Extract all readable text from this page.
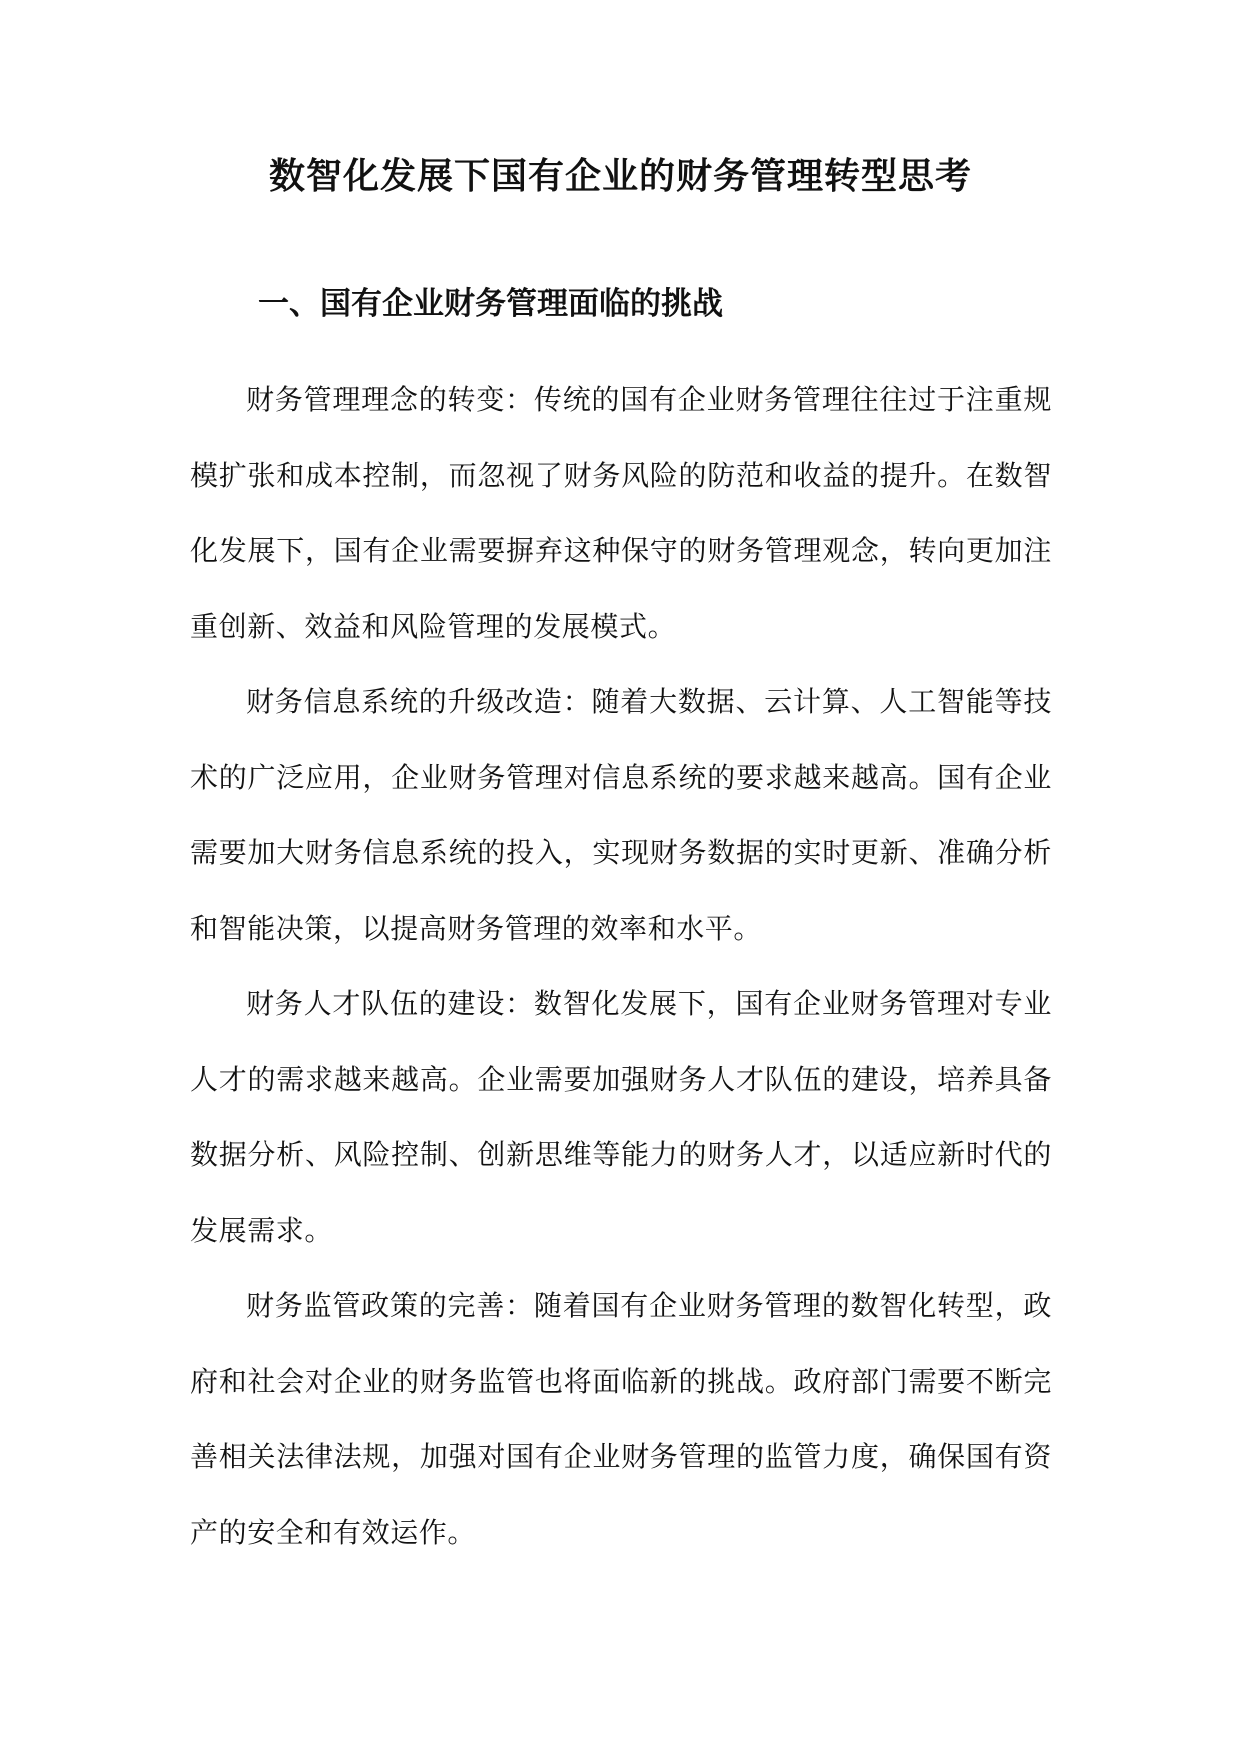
数智化发展下国有企业的财务管理转型思考
一、国有企业财务管理面临的挑战

财务管理理念的转变：传统的国有企业财务管理往往过于注重规模扩张和成本控制，而忽视了财务风险的防范和收益的提升。在数智化发展下，国有企业需要摒弃这种保守的财务管理观念，转向更加注重创新、效益和风险管理的发展模式。

财务信息系统的升级改造：随着大数据、云计算、人工智能等技术的广泛应用，企业财务管理对信息系统的要求越来越高。国有企业需要加大财务信息系统的投入，实现财务数据的实时更新、准确分析和智能决策，以提高财务管理的效率和水平。

财务人才队伍的建设：数智化发展下，国有企业财务管理对专业人才的需求越来越高。企业需要加强财务人才队伍的建设，培养具备数据分析、风险控制、创新思维等能力的财务人才，以适应新时代的发展需求。

财务监管政策的完善：随着国有企业财务管理的数智化转型，政府和社会对企业的财务监管也将面临新的挑战。政府部门需要不断完善相关法律法规，加强对国有企业财务管理的监管力度，确保国有资产的安全和有效运作。
